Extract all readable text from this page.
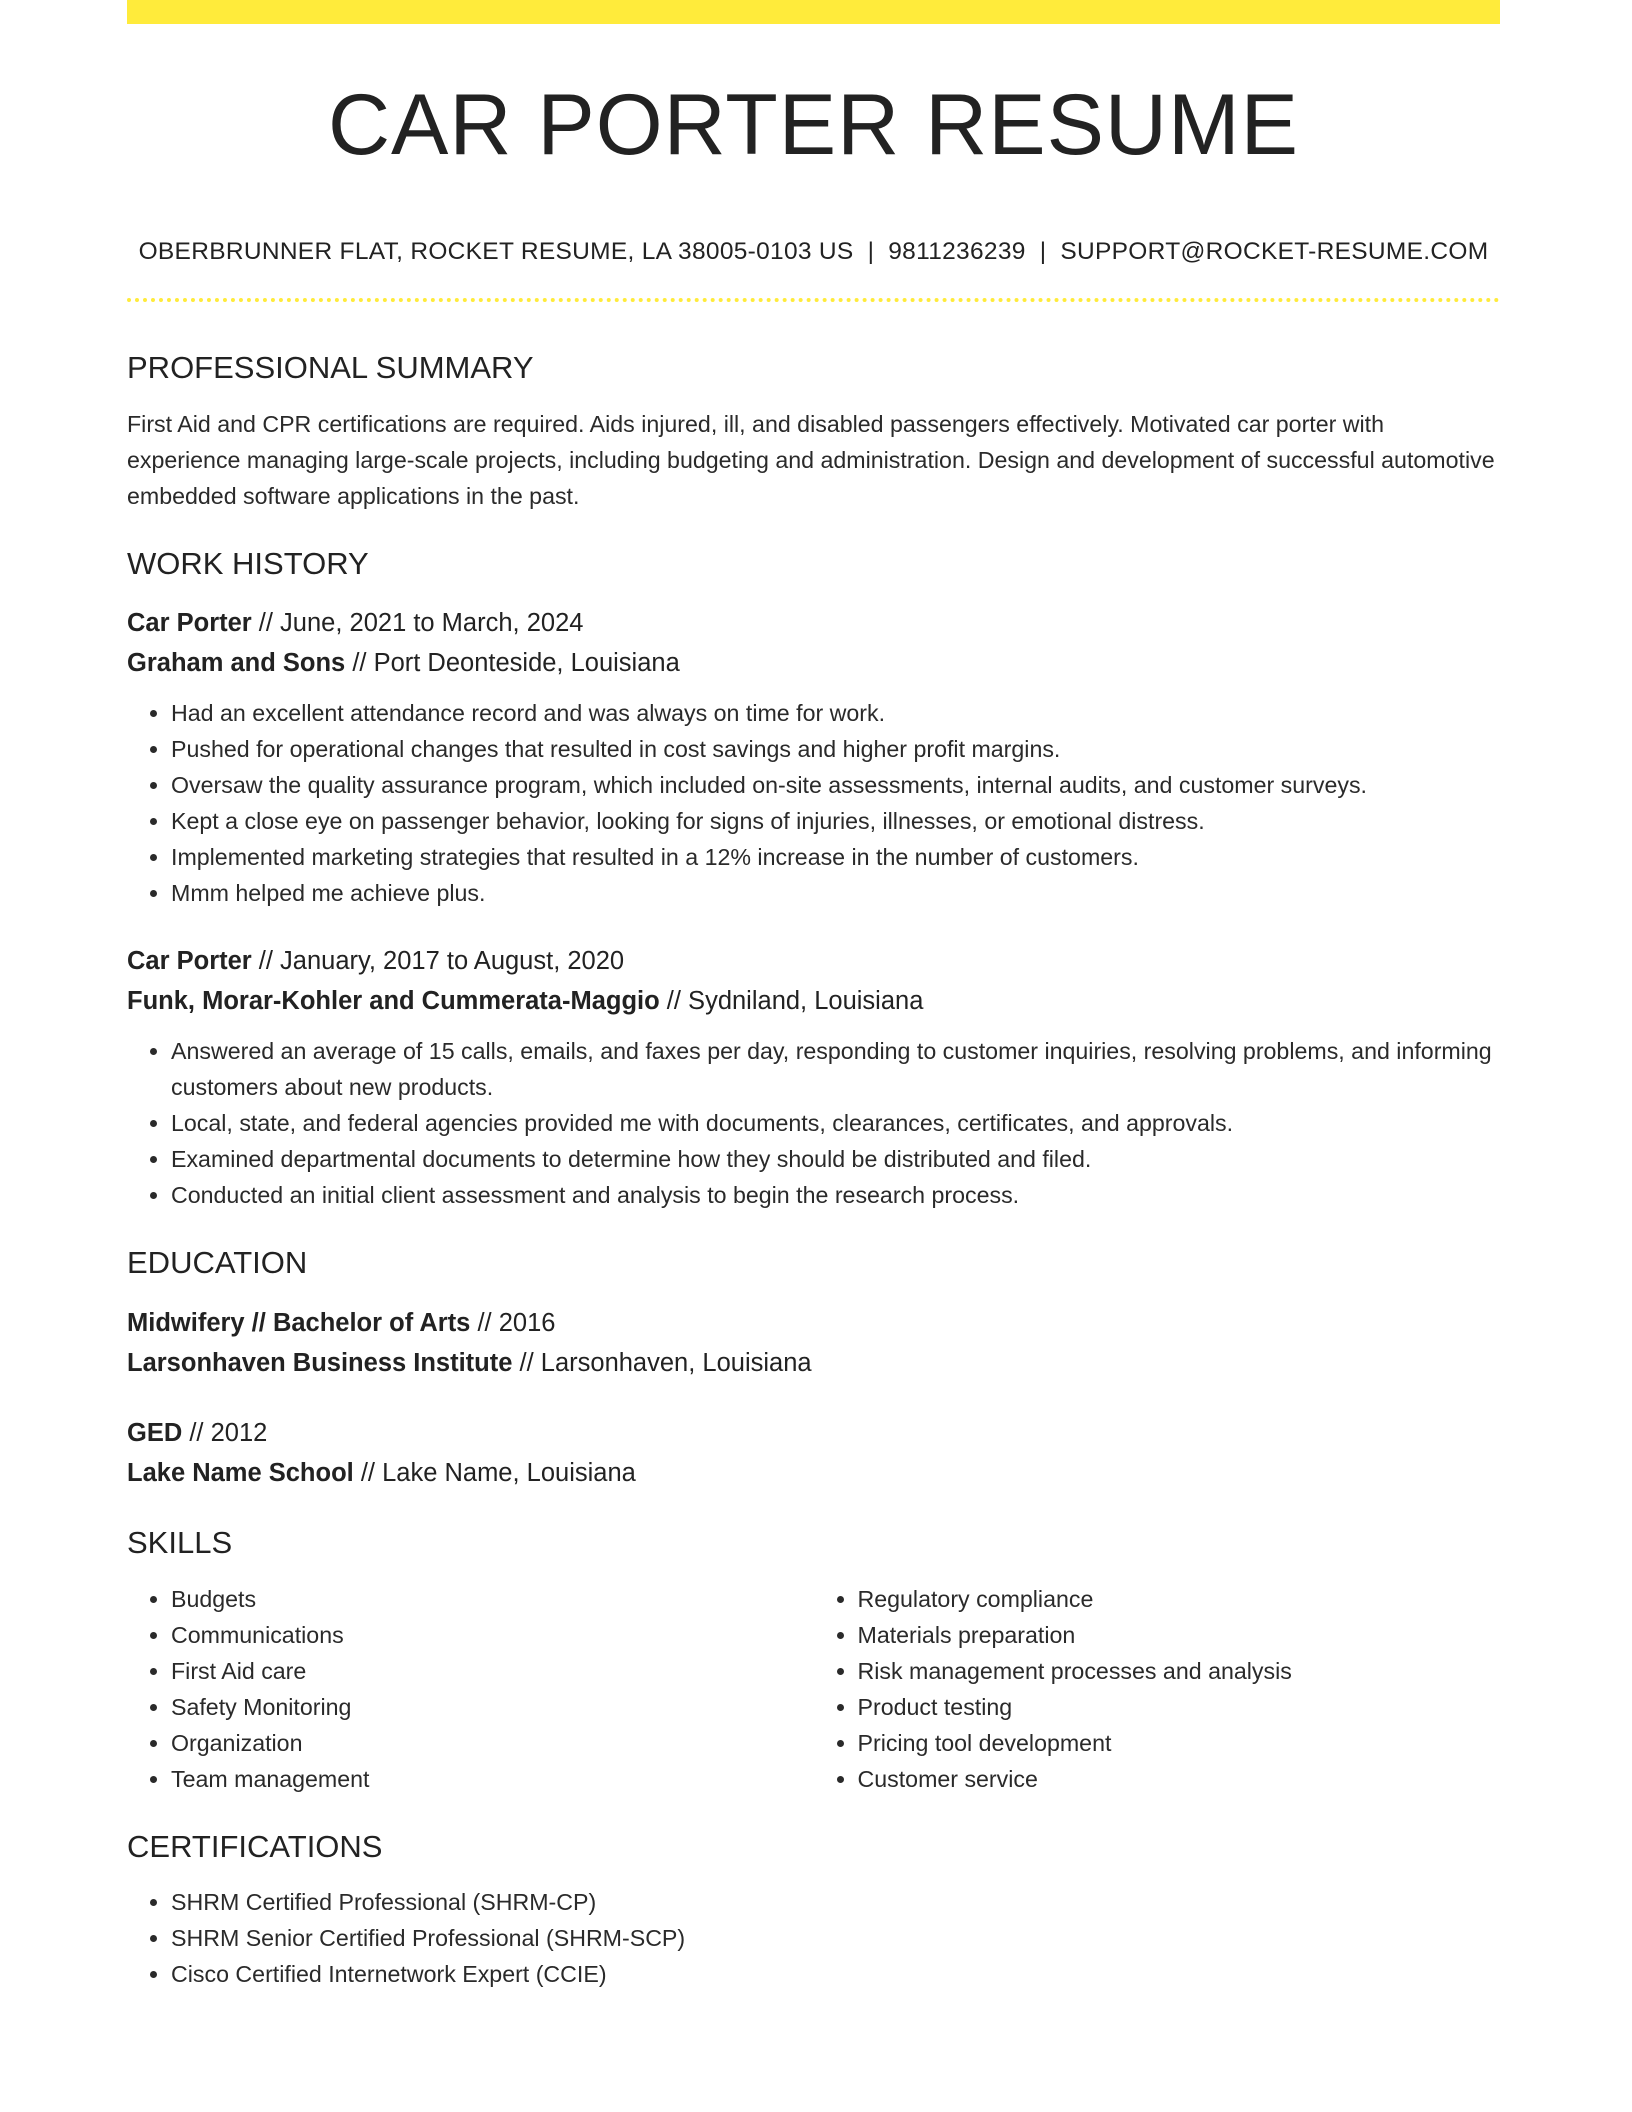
CAR PORTER RESUME
OBERBRUNNER FLAT, ROCKET RESUME, LA 38005-0103 US | 9811236239 | SUPPORT@ROCKET-RESUME.COM
PROFESSIONAL SUMMARY
First Aid and CPR certifications are required. Aids injured, ill, and disabled passengers effectively. Motivated car porter with experience managing large-scale projects, including budgeting and administration. Design and development of successful automotive embedded software applications in the past.
WORK HISTORY
Car Porter // June, 2021 to March, 2024
Graham and Sons // Port Deonteside, Louisiana
• Had an excellent attendance record and was always on time for work.
• Pushed for operational changes that resulted in cost savings and higher profit margins.
• Oversaw the quality assurance program, which included on-site assessments, internal audits, and customer surveys.
• Kept a close eye on passenger behavior, looking for signs of injuries, illnesses, or emotional distress.
• Implemented marketing strategies that resulted in a 12% increase in the number of customers.
• Mmm helped me achieve plus.
Car Porter // January, 2017 to August, 2020
Funk, Morar-Kohler and Cummerata-Maggio // Sydniland, Louisiana
• Answered an average of 15 calls, emails, and faxes per day, responding to customer inquiries, resolving problems, and informing customers about new products.
• Local, state, and federal agencies provided me with documents, clearances, certificates, and approvals.
• Examined departmental documents to determine how they should be distributed and filed.
• Conducted an initial client assessment and analysis to begin the research process.
EDUCATION
Midwifery // Bachelor of Arts // 2016
Larsonhaven Business Institute // Larsonhaven, Louisiana
GED // 2012
Lake Name School // Lake Name, Louisiana
SKILLS
• Budgets
• Communications
• First Aid care
• Safety Monitoring
• Organization
• Team management
• Regulatory compliance
• Materials preparation
• Risk management processes and analysis
• Product testing
• Pricing tool development
• Customer service
CERTIFICATIONS
• SHRM Certified Professional (SHRM-CP)
• SHRM Senior Certified Professional (SHRM-SCP)
• Cisco Certified Internetwork Expert (CCIE)
